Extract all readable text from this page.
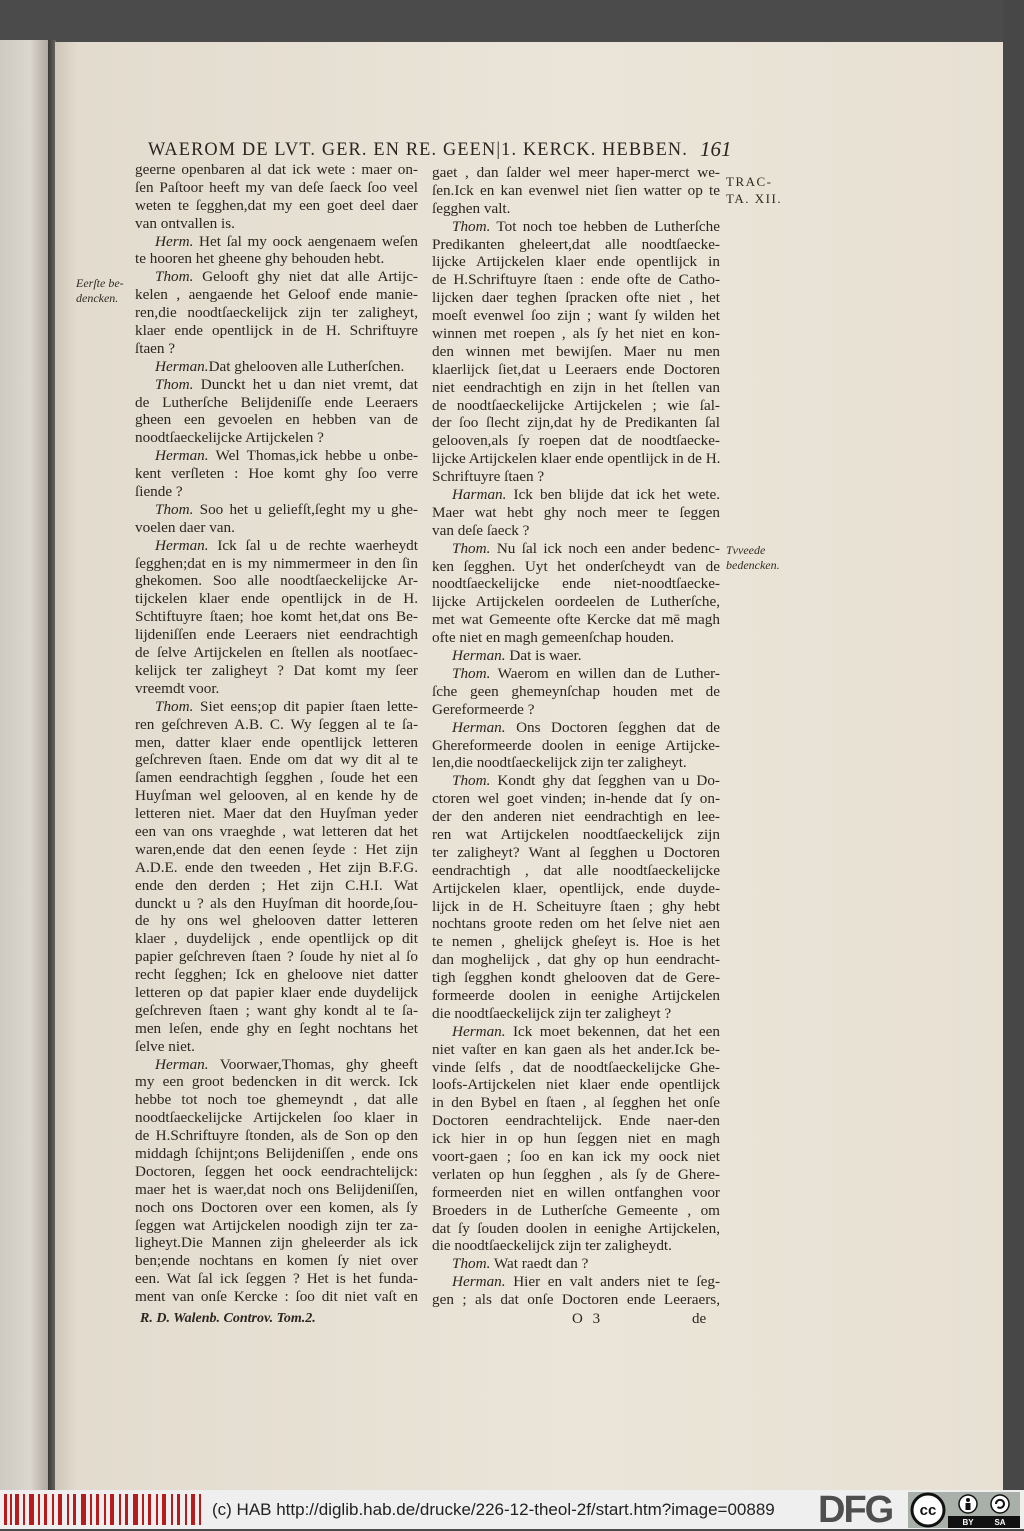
WAEROM DE LVT. GER. EN RE. GEEN|1. KERCK. HEBBEN. 161
Eerſte be-
dencken.
TRAC-
TA. XII.
Tvveede
bedencken.
geerne openbaren al dat ick wete : maer on-
ſen Paſtoor heeft my van deſe ſaeck ſoo veel
weten te ſegghen,dat my een goet deel daer
van ontvallen is.
Herm. Het ſal my oock aengenaem weſen
te hooren het gheene ghy behouden hebt.
Thom. Gelooft ghy niet dat alle Artijc-
kelen , aengaende het Geloof ende manie-
ren,die noodtſaeckelijck zijn ter zaligheyt,
klaer ende opentlijck in de H. Schriftuyre
ſtaen ?
Herman.Dat ghelooven alle Lutherſchen.
Thom. Dunckt het u dan niet vremt, dat
de Lutherſche Belijdeniſſe ende Leeraers
gheen een gevoelen en hebben van de
noodtſaeckelijcke Artijckelen ?
Herman. Wel Thomas,ick hebbe u onbe-
kent verſleten : Hoe komt ghy ſoo verre
ſiende ?
Thom. Soo het u geliefſt,ſeght my u ghe-
voelen daer van.
Herman. Ick ſal u de rechte waerheydt
ſegghen;dat en is my nimmermeer in den ſin
ghekomen. Soo alle noodtſaeckelijcke Ar-
tijckelen klaer ende opentlijck in de H.
Schtiftuyre ſtaen; hoe komt het,dat ons Be-
lijdeniſſen ende Leeraers niet eendrachtigh
de ſelve Artijckelen en ſtellen als nootſaec-
kelijck ter zaligheyt ? Dat komt my ſeer
vreemdt voor.
Thom. Siet eens;op dit papier ſtaen lette-
ren geſchreven A.B. C. Wy ſeggen al te ſa-
men, datter klaer ende opentlijck letteren
geſchreven ſtaen. Ende om dat wy dit al te
ſamen eendrachtigh ſegghen , ſoude het een
Huyſman wel gelooven, al en kende hy de
letteren niet. Maer dat den Huyſman yeder
een van ons vraeghde , wat letteren dat het
waren,ende dat den eenen ſeyde : Het zijn
A.D.E. ende den tweeden , Het zijn B.F.G.
ende den derden ; Het zijn C.H.I. Wat
dunckt u ? als den Huyſman dit hoorde,ſou-
de hy ons wel ghelooven datter letteren
klaer , duydelijck , ende opentlijck op dit
papier geſchreven ſtaen ? ſoude hy niet al ſo
recht ſegghen; Ick en gheloove niet datter
letteren op dat papier klaer ende duydelijck
geſchreven ſtaen ; want ghy kondt al te ſa-
men leſen, ende ghy en ſeght nochtans het
ſelve niet.
Herman. Voorwaer,Thomas, ghy gheeft
my een groot bedencken in dit werck. Ick
hebbe tot noch toe ghemeyndt , dat alle
noodtſaeckelijcke Artijckelen ſoo klaer in
de H.Schriftuyre ſtonden, als de Son op den
middagh ſchijnt;ons Belijdeniſſen , ende ons
Doctoren, ſeggen het oock eendrachtelijck:
maer het is waer,dat noch ons Belijdeniſſen,
noch ons Doctoren over een komen, als ſy
ſeggen wat Artijckelen noodigh zijn ter za-
ligheyt.Die Mannen zijn gheleerder als ick
ben;ende nochtans en komen ſy niet over
een. Wat ſal ick ſeggen ? Het is het funda-
ment van onſe Kercke : ſoo dit niet vaſt en
gaet , dan ſalder wel meer haper-merct we-
ſen.Ick en kan evenwel niet ſien watter op te
ſegghen valt.
Thom. Tot noch toe hebben de Lutherſche
Predikanten gheleert,dat alle noodtſaecke-
lijcke Artijckelen klaer ende opentlijck in
de H.Schriftuyre ſtaen : ende ofte de Catho-
lijcken daer teghen ſpracken ofte niet , het
moeſt evenwel ſoo zijn ; want ſy wilden het
winnen met roepen , als ſy het niet en kon-
den winnen met bewijſen. Maer nu men
klaerlijck ſiet,dat u Leeraers ende Doctoren
niet eendrachtigh en zijn in het ſtellen van
de noodtſaeckelijcke Artijckelen ; wie ſal-
der ſoo ſlecht zijn,dat hy de Predikanten ſal
gelooven,als ſy roepen dat de noodtſaecke-
lijcke Artijckelen klaer ende opentlijck in de H.
Schriftuyre ſtaen ?
Harman. Ick ben blijde dat ick het wete.
Maer wat hebt ghy noch meer te ſeggen
van deſe ſaeck ?
Thom. Nu ſal ick noch een ander bedenc-
ken ſegghen. Uyt het onderſcheydt van de
noodtſaeckelijcke ende niet-noodtſaecke-
lijcke Artijckelen oordeelen de Lutherſche,
met wat Gemeente ofte Kercke dat mē magh
ofte niet en magh gemeenſchap houden.
Herman. Dat is waer.
Thom. Waerom en willen dan de Luther-
ſche geen ghemeynſchap houden met de
Gereformeerde ?
Herman. Ons Doctoren ſegghen dat de
Ghereformeerde doolen in eenige Artijcke-
len,die noodtſaeckelijck zijn ter zaligheyt.
Thom. Kondt ghy dat ſegghen van u Do-
ctoren wel goet vinden; in-hende dat ſy on-
der den anderen niet eendrachtigh en lee-
ren wat Artijckelen noodtſaeckelijck zijn
ter zaligheyt? Want al ſegghen u Doctoren
eendrachtigh , dat alle noodtſaeckelijcke
Artijckelen klaer, opentlijck, ende duyde-
lijck in de H. Scheituyre ſtaen ; ghy hebt
nochtans groote reden om het ſelve niet aen
te nemen , ghelijck gheſeyt is. Hoe is het
dan moghelijck , dat ghy op hun eendracht-
tigh ſegghen kondt ghelooven dat de Gere-
formeerde doolen in eenighe Artijckelen
die noodtſaeckelijck zijn ter zaligheyt ?
Herman. Ick moet bekennen, dat het een
niet vaſter en kan gaen als het ander.Ick be-
vinde ſelfs , dat de noodtſaeckelijcke Ghe-
loofs-Artijckelen niet klaer ende opentlijck
in den Bybel en ſtaen , al ſegghen het onſe
Doctoren eendrachtelijck. Ende naer-den
ick hier in op hun ſeggen niet en magh
voort-gaen ; ſoo en kan ick my oock niet
verlaten op hun ſegghen , als ſy de Ghere-
formeerden niet en willen ontfanghen voor
Broeders in de Lutherſche Gemeente , om
dat ſy ſouden doolen in eenighe Artijckelen,
die noodtſaeckelijck zijn ter zaligheydt.
Thom. Wat raedt dan ?
Herman. Hier en valt anders niet te ſeg-
gen ; als dat onſe Doctoren ende Leeraers,
R. D. Walenb. Controv. Tom.2.	O 3	de
(c) HAB http://diglib.hab.de/drucke/226-12-theol-2f/start.htm?image=00889	DFG	cc
BY	SA
